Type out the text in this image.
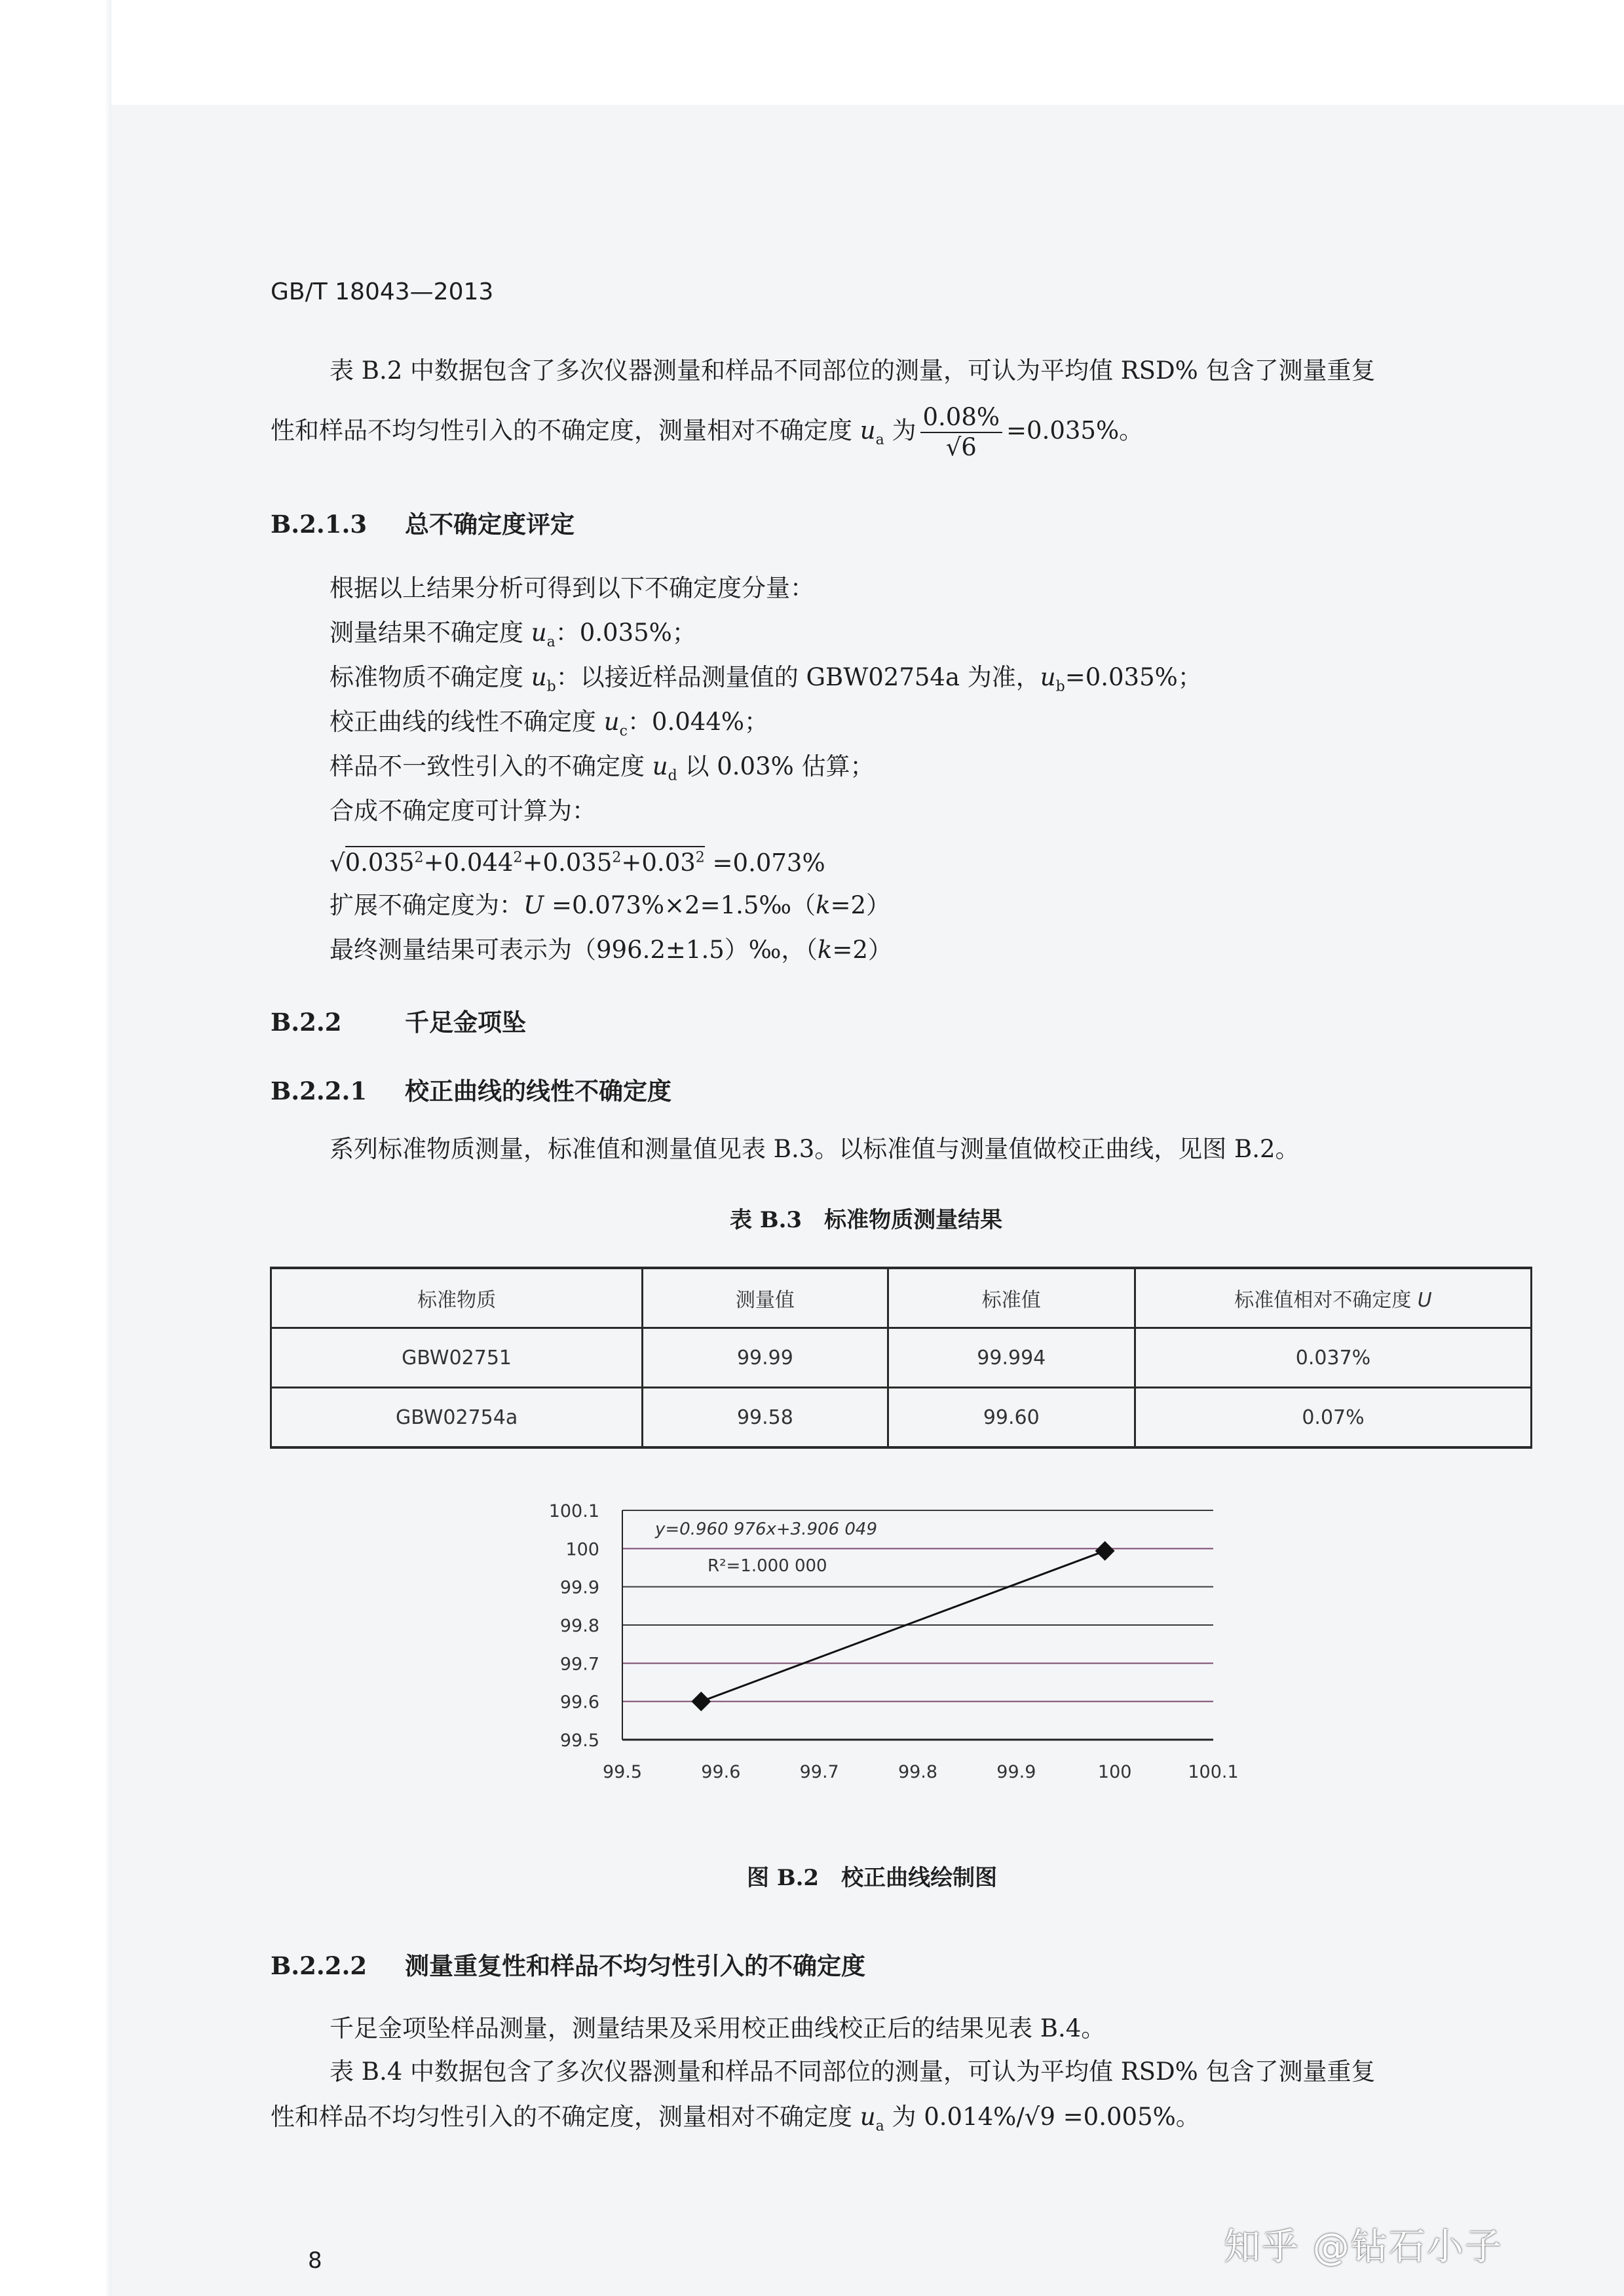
GB/T 18043—2013
表 B.2 中数据包含了多次仪器测量和样品不同部位的测量，可认为平均值 RSD% 包含了测量重复
性和样品不均匀性引入的不确定度，测量相对不确定度 $u_a$ 为 $\frac{0.08\%}{√6} =0.035\%$。
B.2.1.3 总不确定度评定
根据以上结果分析可得到以下不确定度分量：
测量结果不确定度 $u_a$：0.035%；
标准物质不确定度 $u_b$：以接近样品测量值的 GBW02754a 为准，$u_b=0.035\%$；
校正曲线的线性不确定度 $u_c$：0.044%；
样品不一致性引入的不确定度 $u_d$ 以 0.03% 估算；
合成不确定度可计算为：
$√0.035^2+0.044^2+0.035^2+0.03^2 =0.073\%$
扩展不确定度为：U =0.073%×2=1.5‰（k=2）
最终测量结果可表示为（996.2±1.5）‰，（k=2）
B.2.2	千足金项坠
B.2.2.1 校正曲线的线性不确定度
系列标准物质测量，标准值和测量值见表 B.3。以标准值与测量值做校正曲线，见图 B.2。
表 B.3　标准物质测量结果
标准物质	测量值	标准值	标准值相对不确定度 U
GBW02751	99.99	99.994	0.037%
GBW02754a	99.58	99.60	0.07%
99.5
99.6
99.7
99.8
99.9
100
100.1
99.5	99.6	99.7	99.8	99.9	100	100.1
y=0.960 976x+3.906 049
R²=1.000 000
图 B.2　校正曲线绘制图
B.2.2.2 测量重复性和样品不均匀性引入的不确定度
千足金项坠样品测量，测量结果及采用校正曲线校正后的结果见表 B.4。
表 B.4 中数据包含了多次仪器测量和样品不同部位的测量，可认为平均值 RSD% 包含了测量重复
性和样品不均匀性引入的不确定度，测量相对不确定度 $u_a$ 为 0.014%/√9 =0.005%。
8	知乎 @钻石小子
